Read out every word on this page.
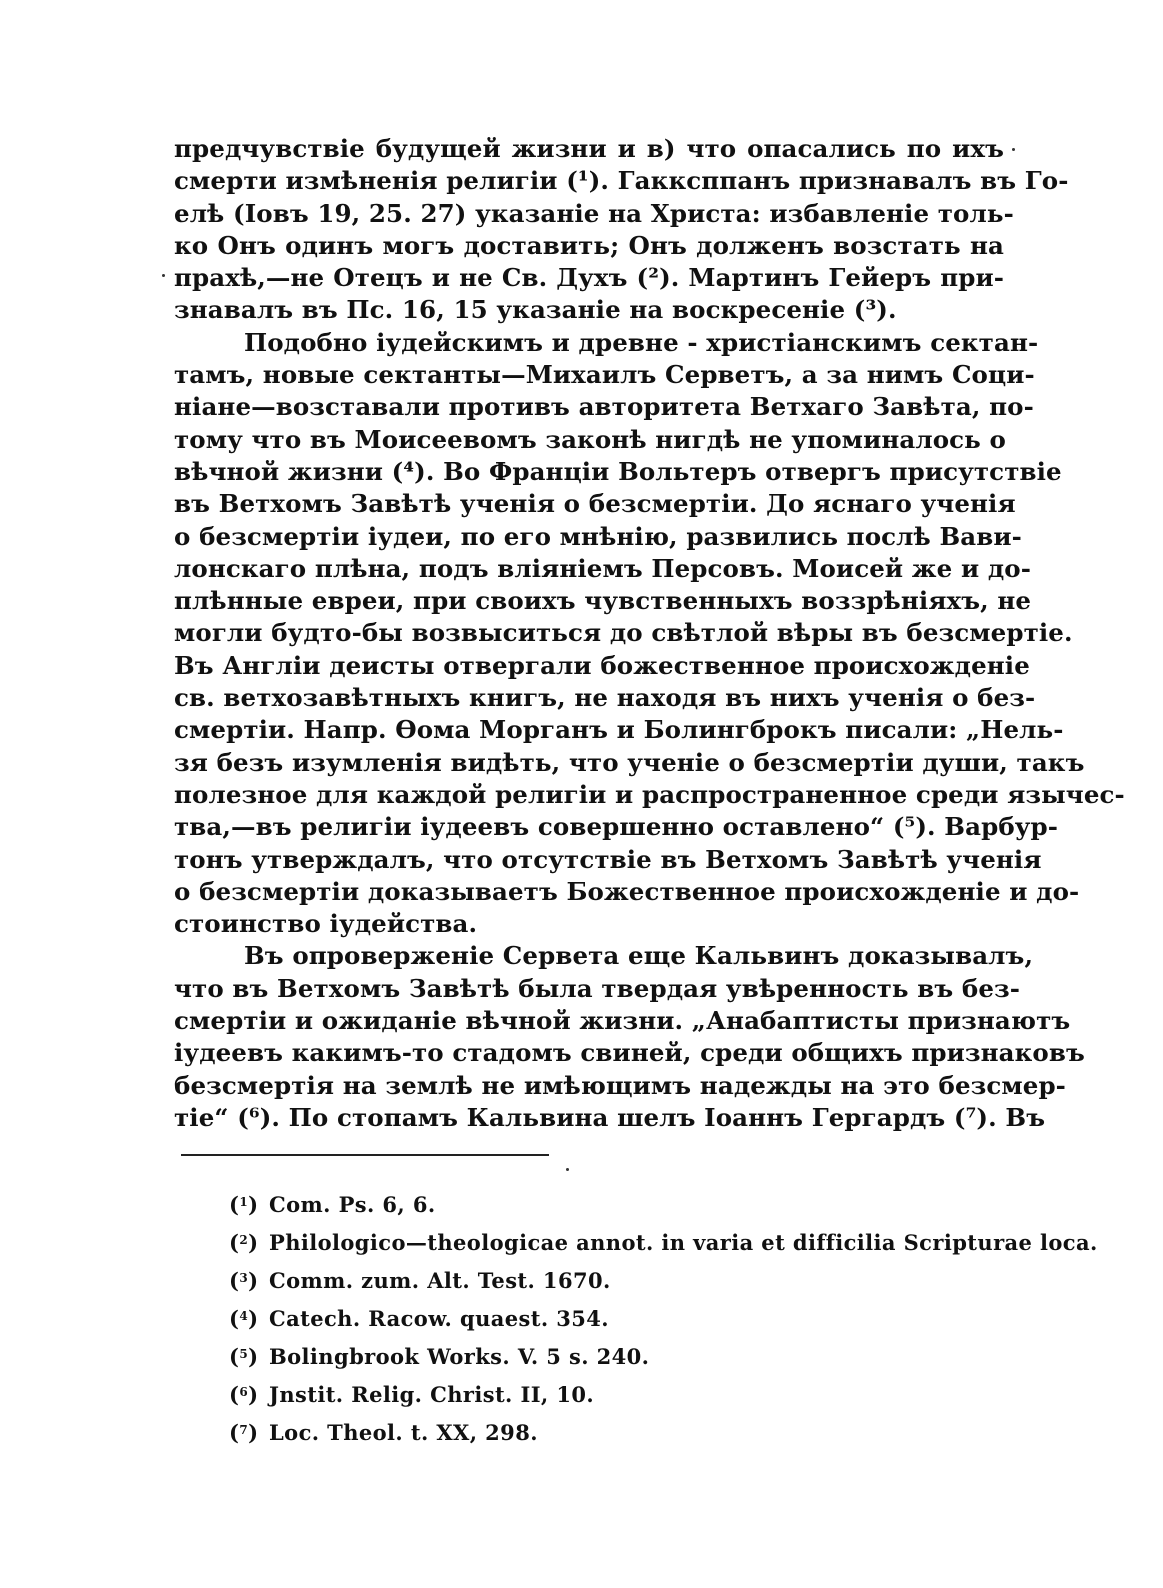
предчувствіе будущей жизни и в) что опасались по ихъ
смерти измѣненія религіи (¹). Гакксппанъ признавалъ въ Го-
елѣ (Іовъ 19, 25. 27) указаніе на Христа: избавленіе толь-
ко Онъ одинъ могъ доставить; Онъ долженъ возстать на
прахѣ,—не Отецъ и не Св. Духъ (²). Мартинъ Гейеръ при-
знавалъ въ Пс. 16, 15 указаніе на воскресеніе (³).
Подобно іудейскимъ и древне - христіанскимъ сектан-
тамъ, новые сектанты—Михаилъ Серветъ, а за нимъ Соци-
ніане—возставали противъ авторитета Ветхаго Завѣта, по-
тому что въ Моисеевомъ законѣ нигдѣ не упоминалось о
вѣчной жизни (⁴). Во Франціи Вольтеръ отвергъ присутствіе
въ Ветхомъ Завѣтѣ ученія о безсмертіи. До яснаго ученія
о безсмертіи іудеи, по его мнѣнію, развились послѣ Вави-
лонскаго плѣна, подъ вліяніемъ Персовъ. Моисей же и до-
плѣнные евреи, при своихъ чувственныхъ воззрѣніяхъ, не
могли будто-бы возвыситься до свѣтлой вѣры въ безсмертіе.
Въ Англіи деисты отвергали божественное происхожденіе
св. ветхозавѣтныхъ книгъ, не находя въ нихъ ученія о без-
смертіи. Напр. Ѳома Морганъ и Болингброкъ писали: „Нель-
зя безъ изумленія видѣть, что ученіе о безсмертіи души, такъ
полезное для каждой религіи и распространенное среди язычес-
тва,—въ религіи іудеевъ совершенно оставлено“ (⁵). Варбур-
тонъ утверждалъ, что отсутствіе въ Ветхомъ Завѣтѣ ученія
о безсмертіи доказываетъ Божественное происхожденіе и до-
стоинство іудейства.
Въ опроверженіе Сервета еще Кальвинъ доказывалъ,
что въ Ветхомъ Завѣтѣ была твердая увѣренность въ без-
смертіи и ожиданіе вѣчной жизни. „Анабаптисты признаютъ
іудеевъ какимъ-то стадомъ свиней, среди общихъ признаковъ
безсмертія на землѣ не имѣющимъ надежды на это безсмер-
тіе“ (⁶). По стопамъ Кальвина шелъ Іоаннъ Гергардъ (⁷). Въ
($^1$) Com. Ps. 6, 6.
($^2$) Philologico—theologicae annot. in varia et difficilia Scripturae loca.
($^3$) Comm. zum. Alt. Test. 1670.
($^4$) Catech. Racow. quaest. 354.
($^5$) Bolingbrook Works. V. 5 s. 240.
($^6$) Jnstit. Relig. Christ. II, 10.
($^7$) Loc. Theol. t. XX, 298.
